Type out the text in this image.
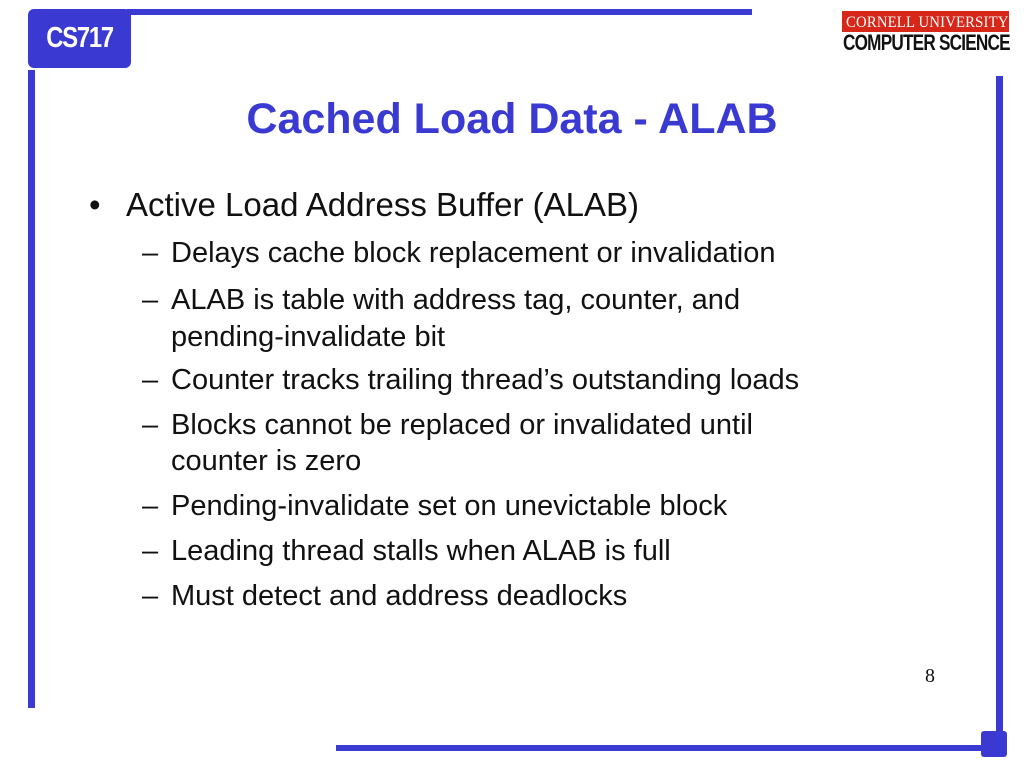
CS717	CORNELL UNIVERSITY
COMPUTER SCIENCE
Cached Load Data - ALAB
• Active Load Address Buffer (ALAB)
– Delays cache block replacement or invalidation
– ALAB is table with address tag, counter, and
pending-invalidate bit
– Counter tracks trailing thread’s outstanding loads
– Blocks cannot be replaced or invalidated until
counter is zero
– Pending-invalidate set on unevictable block
– Leading thread stalls when ALAB is full
– Must detect and address deadlocks
8
